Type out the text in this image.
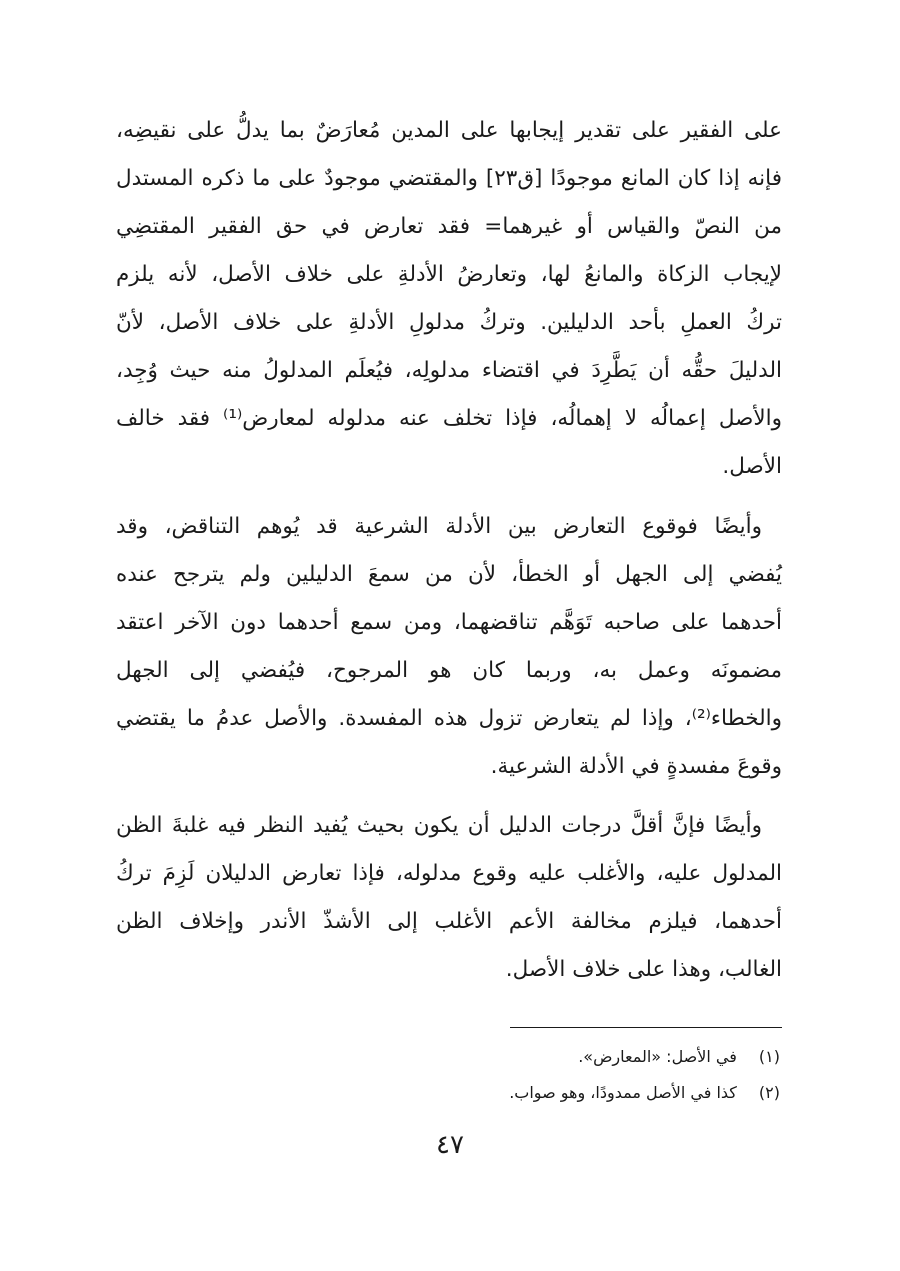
على الفقير على تقدير إيجابها على المدين مُعارَضٌ بما يدلُّ على نقيضِه،
فإنه إذا كان المانع موجودًا [ق٢٣] والمقتضي موجودٌ على ما ذكره المستدل
من النصّ والقياس أو غيرهما= فقد تعارض في حق الفقير المقتضِي
لإيجاب الزكاة والمانعُ لها، وتعارضُ الأدلةِ على خلاف الأصل، لأنه يلزم
تركُ العملِ بأحد الدليلين. وتركُ مدلولِ الأدلةِ على خلاف الأصل، لأنّ
الدليلَ حقُّه أن يَطَّرِدَ في اقتضاء مدلولِه، فيُعلَم المدلولُ منه حيث وُجِد،
والأصل إعمالُه لا إهمالُه، فإذا تخلف عنه مدلوله لمعارض⁽¹⁾ فقد خالف
الأصل.
وأيضًا فوقوع التعارض بين الأدلة الشرعية قد يُوهم التناقض، وقد
يُفضي إلى الجهل أو الخطأ، لأن من سمعَ الدليلين ولم يترجح عنده
أحدهما على صاحبه تَوَهَّم تناقضهما، ومن سمع أحدهما دون الآخر اعتقد
مضمونَه وعمل به، وربما كان هو المرجوح، فيُفضي إلى الجهل
والخطاء⁽²⁾، وإذا لم يتعارض تزول هذه المفسدة. والأصل عدمُ ما يقتضي
وقوعَ مفسدةٍ في الأدلة الشرعية.
وأيضًا فإنَّ أقلَّ درجات الدليل أن يكون بحيث يُفيد النظر فيه غلبةَ الظن
المدلول عليه، والأغلب عليه وقوع مدلوله، فإذا تعارض الدليلان لَزِمَ تركُ
أحدهما، فيلزم مخالفة الأعم الأغلب إلى الأشذّ الأندر وإخلاف الظن
الغالب، وهذا على خلاف الأصل.
(١) في الأصل: «المعارض».
(٢) كذا في الأصل ممدودًا، وهو صواب.
٤٧
